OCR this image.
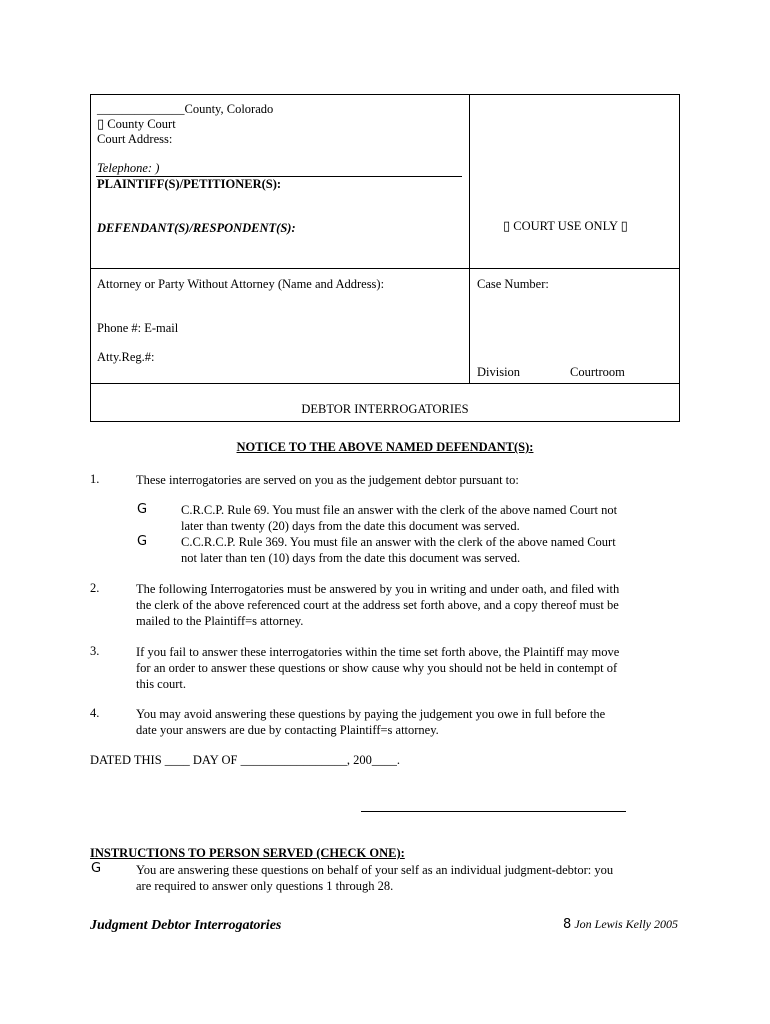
______________County, Colorado
▯ County Court
Court Address:
Telephone: )
PLAINTIFF(S)/PETITIONER(S):
DEFENDANT(S)/RESPONDENT(S):	▯ COURT USE ONLY ▯
Attorney or Party Without Attorney (Name and Address):
Phone #: E-mail
Atty.Reg.#:
Case Number:
Division	Courtroom
DEBTOR INTERROGATORIES
NOTICE TO THE ABOVE NAMED DEFENDANT(S):
1.	These interrogatories are served on you as the judgement debtor pursuant to:
G	C.R.C.P. Rule 69. You must file an answer with the clerk of the above named Court not
later than twenty (20) days from the date this document was served.
G	C.C.R.C.P. Rule 369. You must file an answer with the clerk of the above named Court
not later than ten (10) days from the date this document was served.
2.	The following Interrogatories must be answered by you in writing and under oath, and filed with
the clerk of the above referenced court at the address set forth above, and a copy thereof must be
mailed to the Plaintiff=s attorney.
3.	If you fail to answer these interrogatories within the time set forth above, the Plaintiff may move
for an order to answer these questions or show cause why you should not be held in contempt of
this court.
4.	You may avoid answering these questions by paying the judgement you owe in full before the
date your answers are due by contacting Plaintiff=s attorney.
DATED THIS ____ DAY OF _________________, 200____.
INSTRUCTIONS TO PERSON SERVED (CHECK ONE):
G	You are answering these questions on behalf of your self as an individual judgment-debtor: you
are required to answer only questions 1 through 28.
Judgment Debtor Interrogatories	8 Jon Lewis Kelly 2005
